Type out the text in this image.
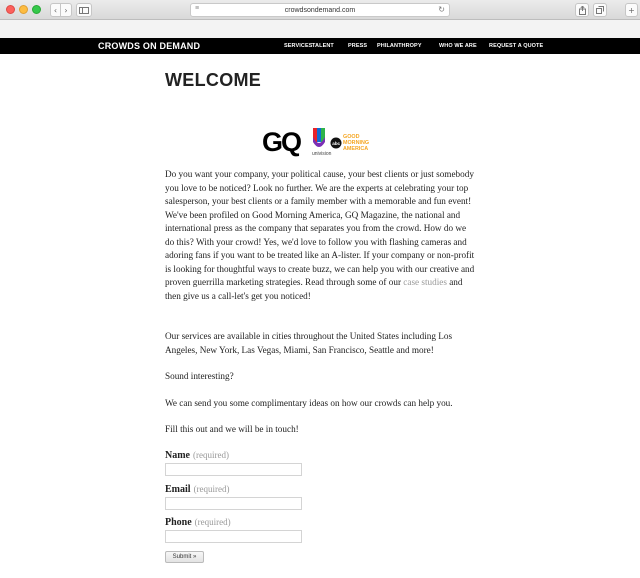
‹ ›	≡	crowdsondemand.com	↻	+
CROWDS ON DEMAND	SERVICES TALENT	PRESS PHILANTHROPY	WHO WE ARE REQUEST A QUOTE
WELCOME
GQ univision
abc
GOOD
MORNING
AMERICA

Do you want your company, your political cause, your best clients or just somebody you love to be noticed? Look no further. We are the experts at celebrating your top salesperson, your best clients or a family member with a memorable and fun event! We've been profiled on Good Morning America, GQ Magazine, the national and international press as the company that separates you from the crowd. How do we do this? With your crowd! Yes, we'd love to follow you with flashing cameras and adoring fans if you want to be treated like an A-lister. If your company or non-profit is looking for thoughtful ways to create buzz, we can help you with our creative and proven guerrilla marketing strategies. Read through some of our case studies and then give us a call-let's get you noticed!

Our services are available in cities throughout the United States including Los Angeles, New York, Las Vegas, Miami, San Francisco, Seattle and more!

Sound interesting?

We can send you some complimentary ideas on how our crowds can help you.

Fill this out and we will be in touch!

Name (required)
Email (required)
Phone (required)
Submit »
